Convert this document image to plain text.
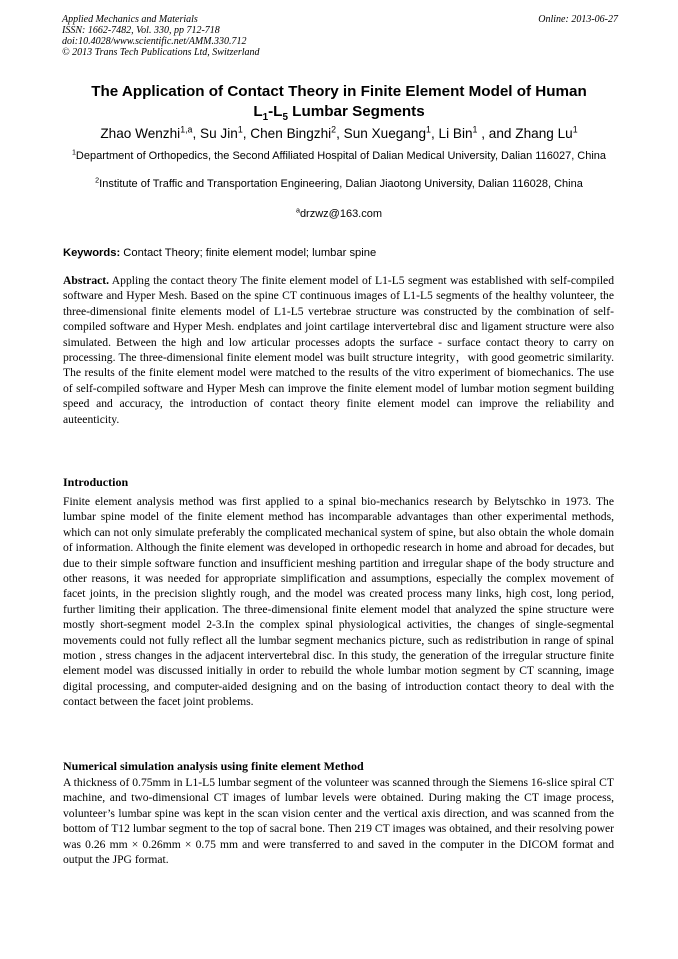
Applied Mechanics and Materials
ISSN: 1662-7482, Vol. 330, pp 712-718
doi:10.4028/www.scientific.net/AMM.330.712
© 2013 Trans Tech Publications Ltd, Switzerland
Online: 2013-06-27
The Application of Contact Theory in Finite Element Model of Human
$L_1-L_5$ Lumbar Segments
Zhao Wenzhi$^{1,a}$, Su Jin$^1$, Chen Bingzhi$^2$, Sun Xuegang$^1$, Li Bin$^1$ , and Zhang Lu$^1$
$^1$Department of Orthopedics, the Second Affiliated Hospital of Dalian Medical University, Dalian 116027, China
$^2$Institute of Traffic and Transportation Engineering, Dalian Jiaotong University, Dalian 116028, China
$^a$drzwz@163.com
Keywords: Contact Theory; finite element model; lumbar spine
Abstract. Appling the contact theory The finite element model of L1-L5 segment was established with self-compiled software and Hyper Mesh. Based on the spine CT continuous images of L1-L5 segments of the healthy volunteer, the three-dimensional finite elements model of L1-L5 vertebrae structure was constructed by the combination of self-compiled software and Hyper Mesh. endplates and joint cartilage intervertebral disc and ligament structure were also simulated. Between the high and low articular processes adopts the surface - surface contact theory to carry on processing. The three-dimensional finite element model was built structure integrity，with good geometric similarity. The results of the finite element model were matched to the results of the vitro experiment of biomechanics. The use of self-compiled software and Hyper Mesh can improve the finite element model of lumbar motion segment building speed and accuracy, the introduction of contact theory finite element model can improve the reliability and auteenticity.
Introduction
Finite element analysis method was first applied to a spinal bio-mechanics research by Belytschko in 1973. The lumbar spine model of the finite element method has incomparable advantages than other experimental methods, which can not only simulate preferably the complicated mechanical system of spine, but also obtain the whole domain of information. Although the finite element was developed in orthopedic research in home and abroad for decades, but due to their simple software function and insufficient meshing partition and irregular shape of the body structure and other reasons, it was needed for appropriate simplification and assumptions, especially the complex movement of facet joints, in the precision slightly rough, and the model was created process many links, high cost, long period, further limiting their application. The three-dimensional finite element model that analyzed the spine structure were mostly short-segment model 2-3.In the complex spinal physiological activities, the changes of single-segmental movements could not fully reflect all the lumbar segment mechanics picture, such as redistribution in range of spinal motion , stress changes in the adjacent intervertebral disc. In this study, the generation of the irregular structure finite element model was discussed initially in order to rebuild the whole lumbar motion segment by CT scanning, image digital processing, and computer-aided designing and on the basing of introduction contact theory to deal with the contact between the facet joint problems.
Numerical simulation analysis using finite element Method
A thickness of 0.75mm in L1-L5 lumbar segment of the volunteer was scanned through the Siemens 16-slice spiral CT machine, and two-dimensional CT images of lumbar levels were obtained. During making the CT image process, volunteer’s lumbar spine was kept in the scan vision center and the vertical axis direction, and was scanned from the bottom of T12 lumbar segment to the top of sacral bone. Then 219 CT images was obtained, and their resolving power was 0.26 mm × 0.26mm × 0.75 mm and were transferred to and saved in the computer in the DICOM format and output the JPG format.
